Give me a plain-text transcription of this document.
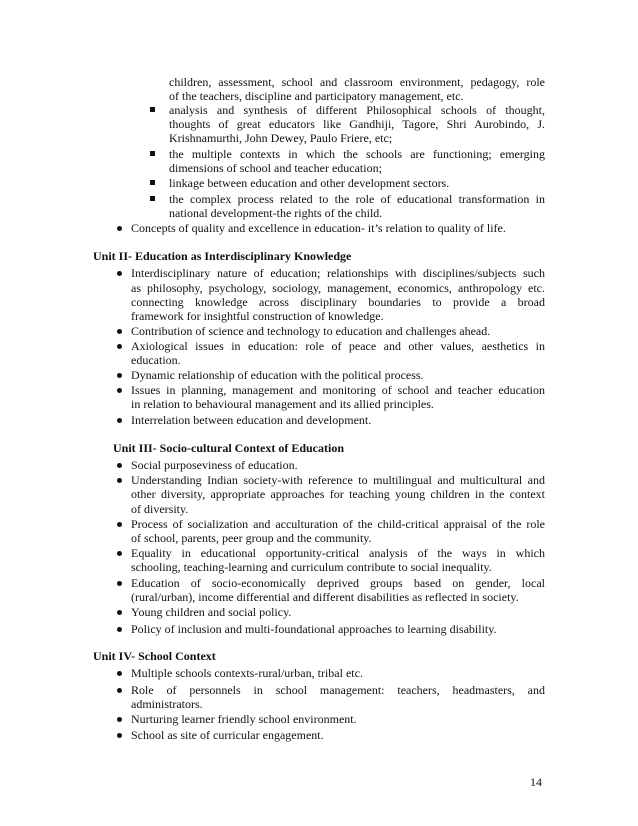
children, assessment, school and classroom environment, pedagogy, role
of the teachers, discipline and participatory management, etc.
analysis and synthesis of different Philosophical schools of thought,
thoughts of great educators like Gandhiji, Tagore, Shri Aurobindo, J.
Krishnamurthi, John Dewey, Paulo Friere, etc;
the multiple contexts in which the schools are functioning; emerging
dimensions of school and teacher education;
linkage between education and other development sectors.
the complex process related to the role of educational transformation in
national development-the rights of the child.
Concepts of quality and excellence in education- it’s relation to quality of life.
Unit II- Education as Interdisciplinary Knowledge
Interdisciplinary nature of education; relationships with disciplines/subjects such
as philosophy, psychology, sociology, management, economics, anthropology etc.
connecting knowledge across disciplinary boundaries to provide a broad
framework for insightful construction of knowledge.
Contribution of science and technology to education and challenges ahead.
Axiological issues in education: role of peace and other values, aesthetics in
education.
Dynamic relationship of education with the political process.
Issues in planning, management and monitoring of school and teacher education
in relation to behavioural management and its allied principles.
Interrelation between education and development.
Unit III- Socio-cultural Context of Education
Social purposeviness of education.
Understanding Indian society-with reference to multilingual and multicultural and
other diversity, appropriate approaches for teaching young children in the context
of diversity.
Process of socialization and acculturation of the child-critical appraisal of the role
of school, parents, peer group and the community.
Equality in educational opportunity-critical analysis of the ways in which
schooling, teaching-learning and curriculum contribute to social inequality.
Education of socio-economically deprived groups based on gender, local
(rural/urban), income differential and different disabilities as reflected in society.
Young children and social policy.
Policy of inclusion and multi-foundational approaches to learning disability.
Unit IV- School Context
Multiple schools contexts-rural/urban, tribal etc.
Role of personnels in school management: teachers, headmasters, and
administrators.
Nurturing learner friendly school environment.
School as site of curricular engagement.
14
